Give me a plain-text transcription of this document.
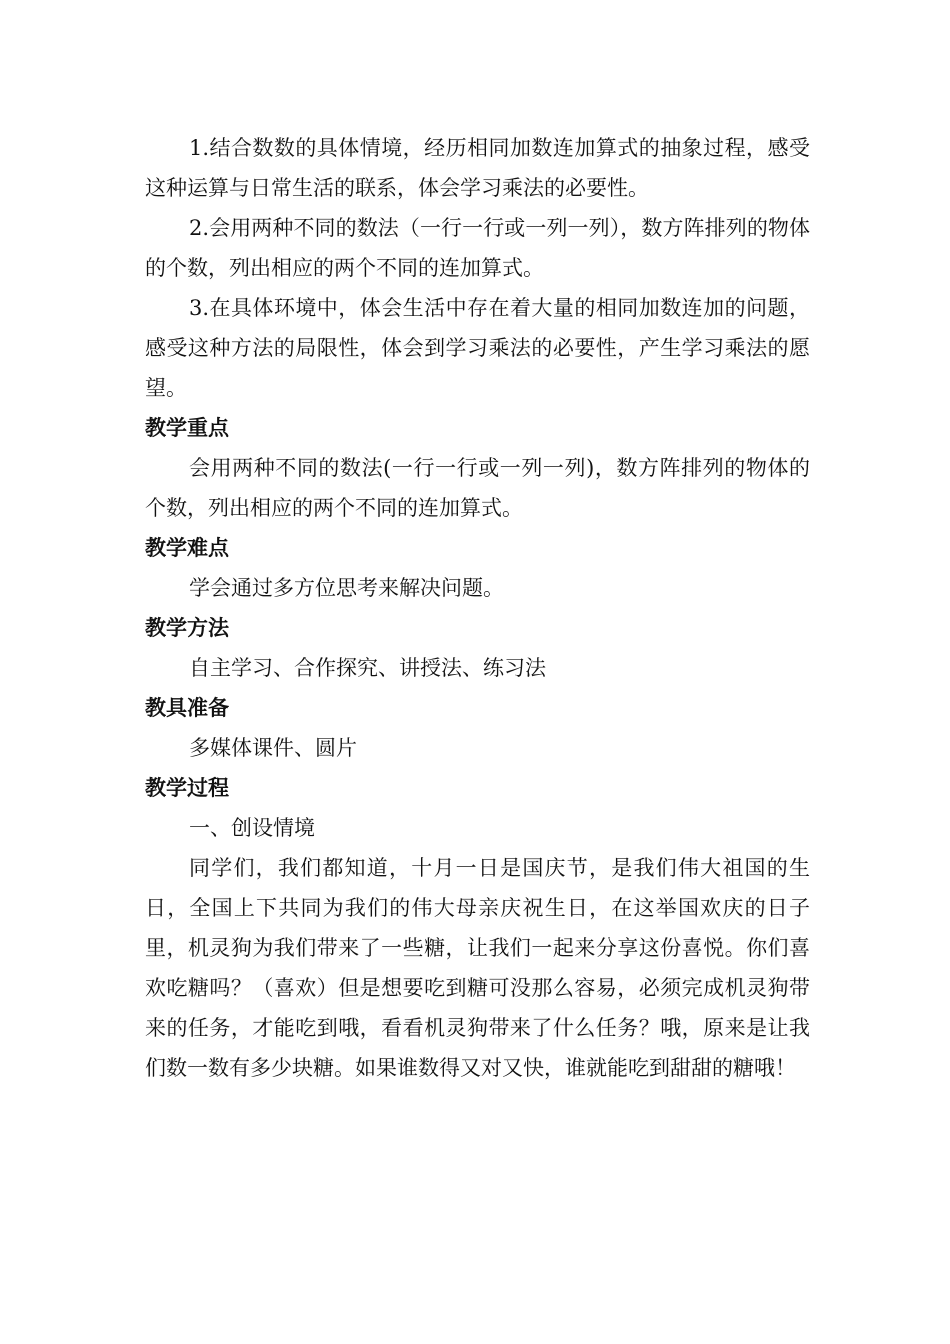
1.结合数数的具体情境，经历相同加数连加算式的抽象过程，感受这种运算与日常生活的联系，体会学习乘法的必要性。

2.会用两种不同的数法（一行一行或一列一列），数方阵排列的物体的个数，列出相应的两个不同的连加算式。

3.在具体环境中，体会生活中存在着大量的相同加数连加的问题，感受这种方法的局限性，体会到学习乘法的必要性，产生学习乘法的愿望。

教学重点

会用两种不同的数法(一行一行或一列一列)，数方阵排列的物体的个数，列出相应的两个不同的连加算式。

教学难点

学会通过多方位思考来解决问题。

教学方法

自主学习、合作探究、讲授法、练习法

教具准备

多媒体课件、圆片

教学过程

一、创设情境

同学们，我们都知道，十月一日是国庆节，是我们伟大祖国的生日，全国上下共同为我们的伟大母亲庆祝生日，在这举国欢庆的日子里，机灵狗为我们带来了一些糖，让我们一起来分享这份喜悦。你们喜欢吃糖吗？（喜欢）但是想要吃到糖可没那么容易，必须完成机灵狗带来的任务，才能吃到哦，看看机灵狗带来了什么任务？哦，原来是让我们数一数有多少块糖。如果谁数得又对又快，谁就能吃到甜甜的糖哦！
